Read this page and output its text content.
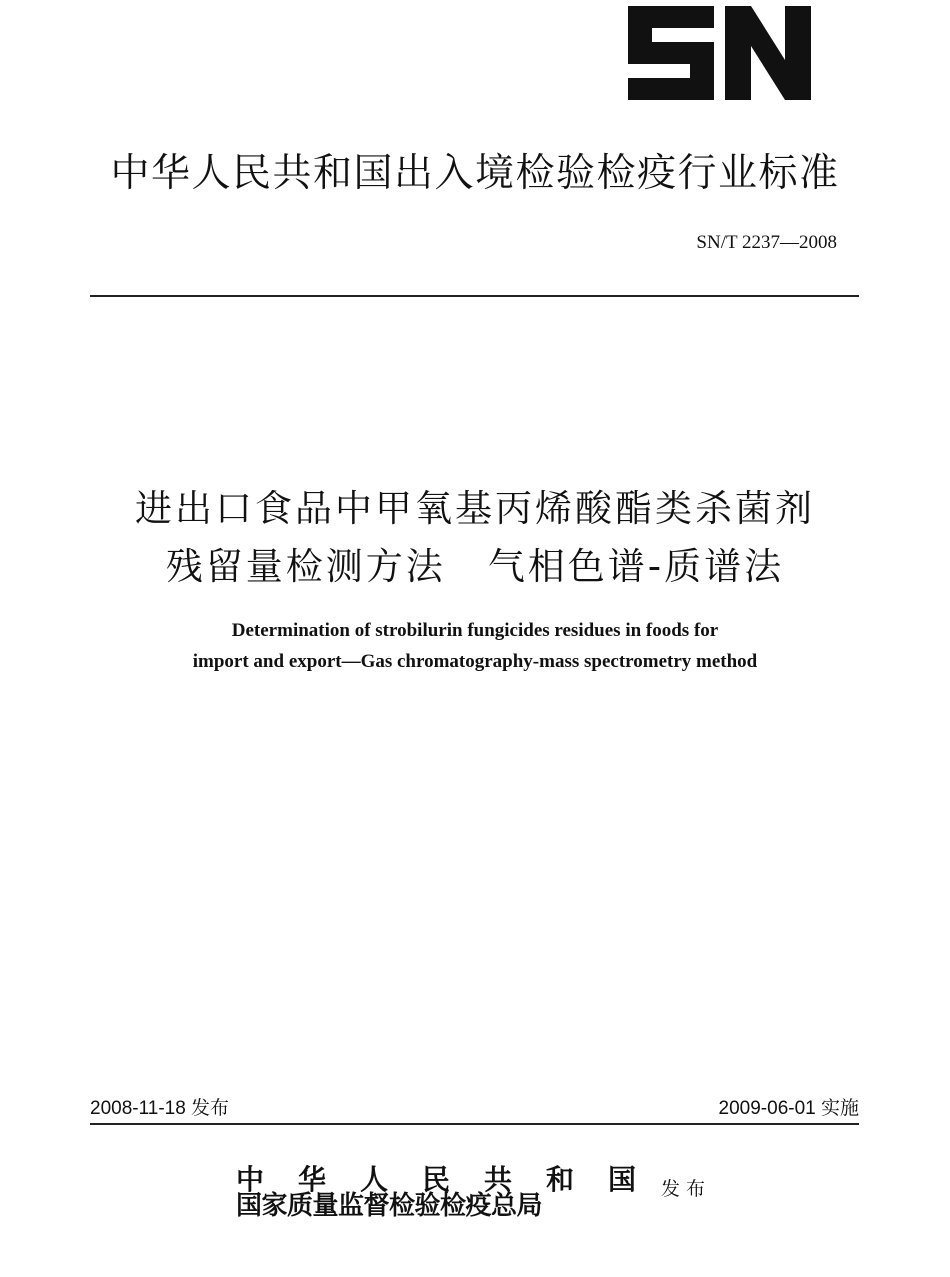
中华人民共和国出入境检验检疫行业标准
SN/T 2237—2008
进出口食品中甲氧基丙烯酸酯类杀菌剂
残留量检测方法 气相色谱-质谱法
Determination of strobilurin fungicides residues in foods for
import and export—Gas chromatography-mass spectrometry method
2008-11-18 发布	2009-06-01 实施
中华人民共和国
国家质量监督检验检疫总局
发布
